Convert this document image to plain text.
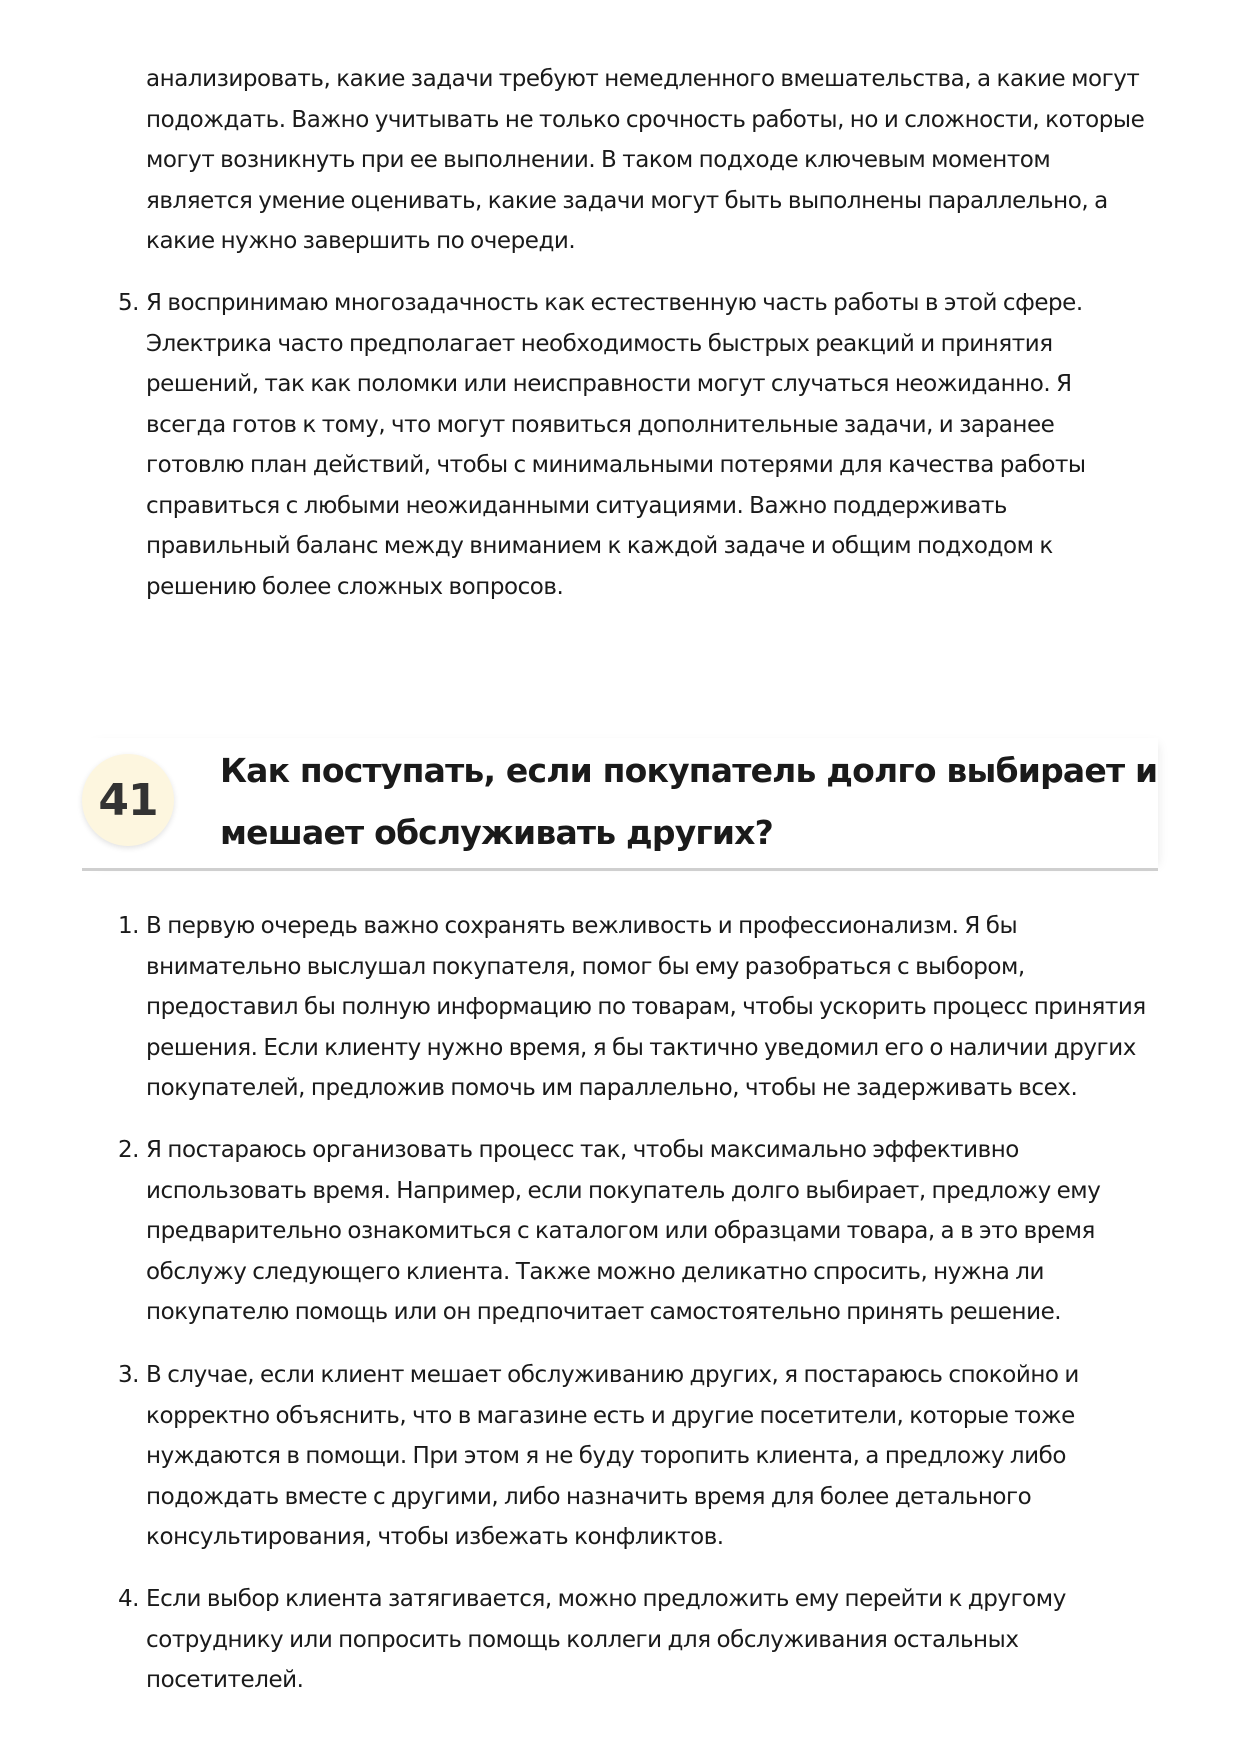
анализировать, какие задачи требуют немедленного вмешательства, а какие могут подождать. Важно учитывать не только срочность работы, но и сложности, которые могут возникнуть при ее выполнении. В таком подходе ключевым моментом является умение оценивать, какие задачи могут быть выполнены параллельно, а какие нужно завершить по очереди.
5. Я воспринимаю многозадачность как естественную часть работы в этой сфере. Электрика часто предполагает необходимость быстрых реакций и принятия решений, так как поломки или неисправности могут случаться неожиданно. Я всегда готов к тому, что могут появиться дополнительные задачи, и заранее готовлю план действий, чтобы с минимальными потерями для качества работы справиться с любыми неожиданными ситуациями. Важно поддерживать правильный баланс между вниманием к каждой задаче и общим подходом к решению более сложных вопросов.
41
Как поступать, если покупатель долго выбирает и мешает обслуживать других?
1. В первую очередь важно сохранять вежливость и профессионализм. Я бы внимательно выслушал покупателя, помог бы ему разобраться с выбором, предоставил бы полную информацию по товарам, чтобы ускорить процесс принятия решения. Если клиенту нужно время, я бы тактично уведомил его о наличии других покупателей, предложив помочь им параллельно, чтобы не задерживать всех.
2. Я постараюсь организовать процесс так, чтобы максимально эффективно использовать время. Например, если покупатель долго выбирает, предложу ему предварительно ознакомиться с каталогом или образцами товара, а в это время обслужу следующего клиента. Также можно деликатно спросить, нужна ли покупателю помощь или он предпочитает самостоятельно принять решение.
3. В случае, если клиент мешает обслуживанию других, я постараюсь спокойно и корректно объяснить, что в магазине есть и другие посетители, которые тоже нуждаются в помощи. При этом я не буду торопить клиента, а предложу либо подождать вместе с другими, либо назначить время для более детального консультирования, чтобы избежать конфликтов.
4. Если выбор клиента затягивается, можно предложить ему перейти к другому сотруднику или попросить помощь коллеги для обслуживания остальных посетителей.
